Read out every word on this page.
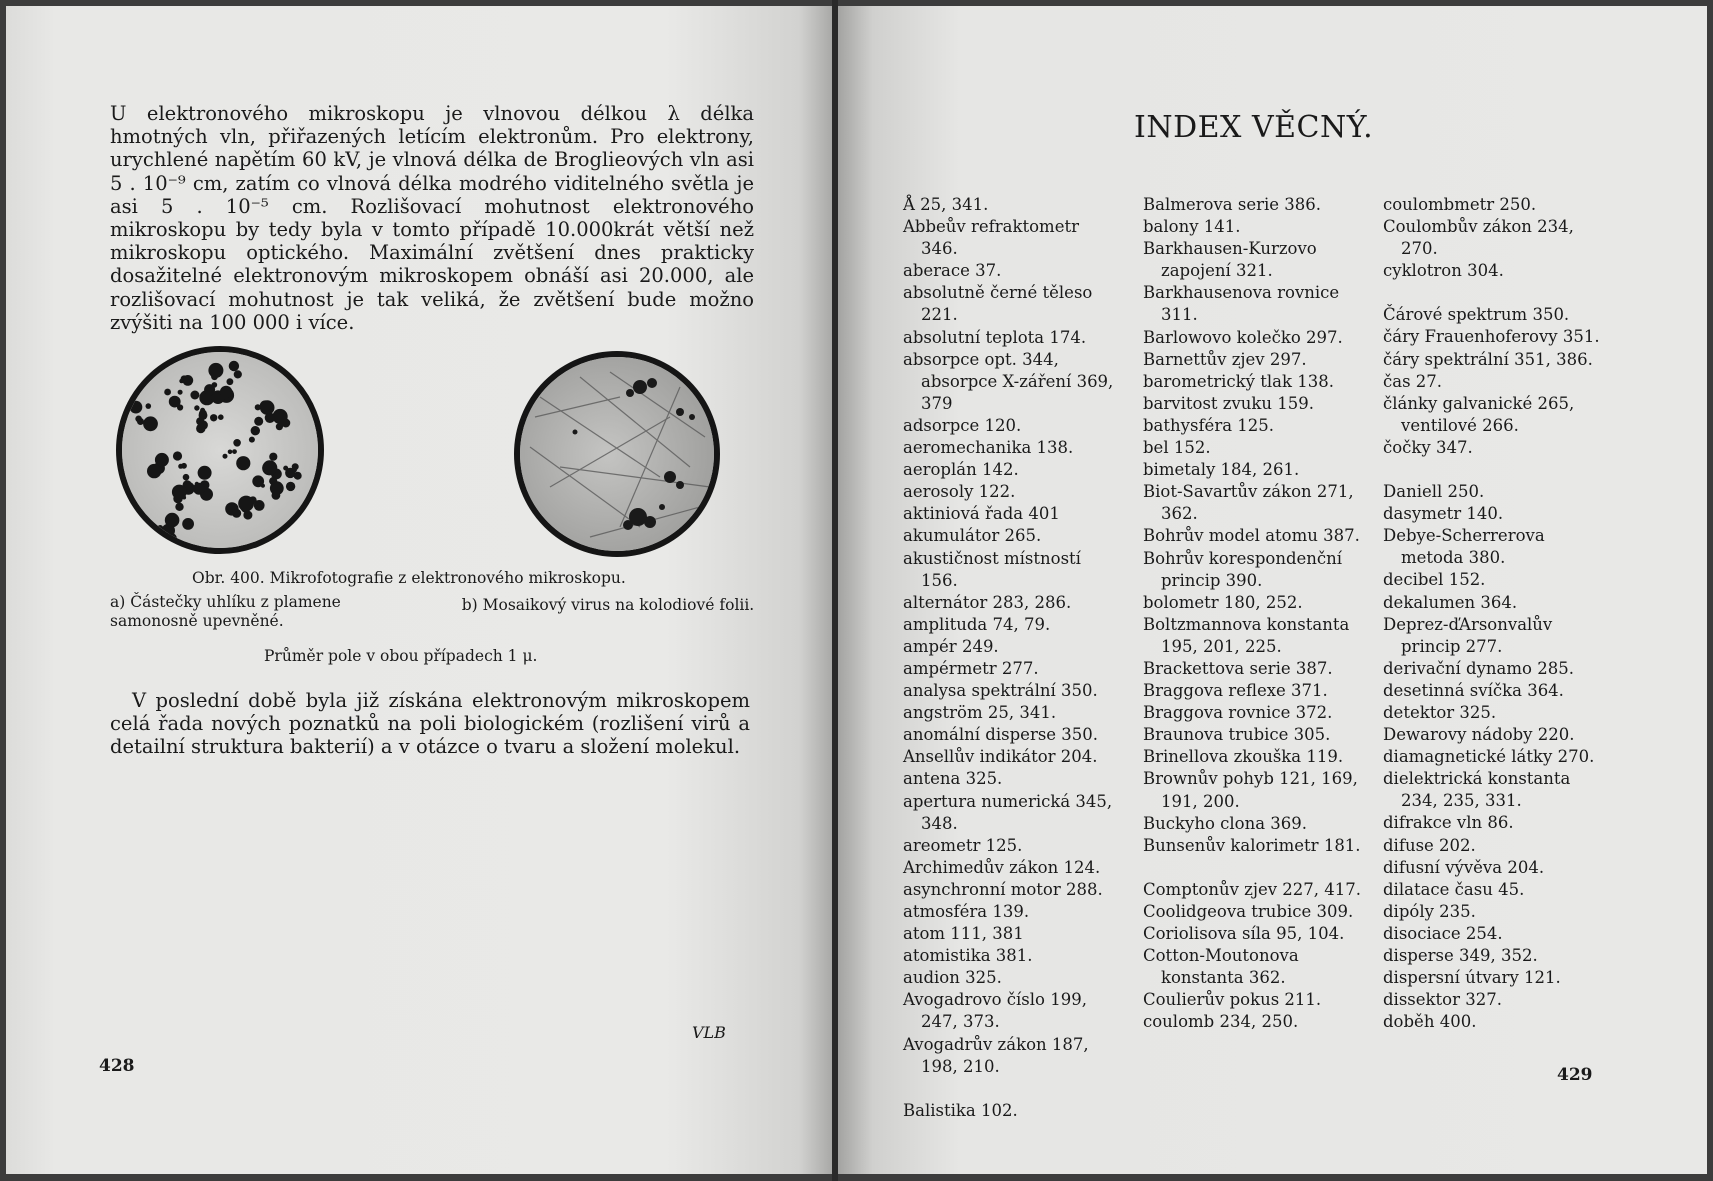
U elektronového mikroskopu je vlnovou délkou λ délka hmotných vln, přiřazených letícím elektronům. Pro elektrony, urychlené napětím 60 kV, je vlnová délka de Broglieových vln asi 5 . 10⁻⁹ cm, zatím co vlnová délka modrého viditelného světla je asi 5 . 10⁻⁵ cm. Rozlišovací mohutnost elektronového mikroskopu by tedy byla v tomto případě 10.000krát větší než mikroskopu optického. Maximální zvětšení dnes prakticky dosažitelné elektronovým mikroskopem obnáší asi 20.000, ale rozlišovací mohutnost je tak veliká, že zvětšení bude možno zvýšiti na 100 000 i více.

Obr. 400. Mikrofotografie z elektronového mikroskopu.
a) Částečky uhlíku z plamene samonosně upevněné.
b) Mosaikový virus na kolodiové folii.
Průměr pole v obou případech 1 μ.

V poslední době byla již získána elektronovým mikroskopem celá řada nových poznatků na poli biologickém (rozlišení virů a detailní struktura bakterií) a v otázce o tvaru a složení molekul.

VLB
428
INDEX VĚCNÝ.
Å 25, 341.
Abbeův refraktometr 346.
aberace 37.
absolutně černé těleso 221.
absolutní teplota 174.
absorpce opt. 344, absorpce X-záření 369, 379
adsorpce 120.
aeromechanika 138.
aeroplán 142.
aerosoly 122.
aktiniová řada 401
akumulátor 265.
akustičnost místností 156.
alternátor 283, 286.
amplituda 74, 79.
ampér 249.
ampérmetr 277.
analysa spektrální 350.
angström 25, 341.
anomální disperse 350.
Ansellův indikátor 204.
antena 325.
apertura numerická 345, 348.
areometr 125.
Archimedův zákon 124.
asynchronní motor 288.
atmosféra 139.
atom 111, 381
atomistika 381.
audion 325.
Avogadrovo číslo 199, 247, 373.
Avogadrův zákon 187, 198, 210.
Balistika 102.
Balmerova serie 386.
balony 141.
Barkhausen-Kurzovo zapojení 321.
Barkhausenova rovnice 311.
Barlowovo kolečko 297.
Barnettův zjev 297.
barometrický tlak 138.
barvitost zvuku 159.
bathysféra 125.
bel 152.
bimetaly 184, 261.
Biot-Savartův zákon 271, 362.
Bohrův model atomu 387.
Bohrův korespondenční princip 390.
bolometr 180, 252.
Boltzmannova konstanta 195, 201, 225.
Brackettova serie 387.
Braggova reflexe 371.
Braggova rovnice 372.
Braunova trubice 305.
Brinellova zkouška 119.
Brownův pohyb 121, 169, 191, 200.
Buckyho clona 369.
Bunsenův kalorimetr 181.
Comptonův zjev 227, 417.
Coolidgeova trubice 309.
Coriolisova síla 95, 104.
Cotton-Moutonova konstanta 362.
Coulierův pokus 211.
coulomb 234, 250.
coulombmetr 250.
Coulombův zákon 234, 270.
cyklotron 304.
Čárové spektrum 350.
čáry Frauenhoferovy 351.
čáry spektrální 351, 386.
čas 27.
články galvanické 265, ventilové 266.
čočky 347.
Daniell 250.
dasymetr 140.
Debye-Scherrerova metoda 380.
decibel 152.
dekalumen 364.
Deprez-ďArsonvalův princip 277.
derivační dynamo 285.
desetinná svíčka 364.
detektor 325.
Dewarovy nádoby 220.
diamagnetické látky 270.
dielektrická konstanta 234, 235, 331.
difrakce vln 86.
difuse 202.
difusní vývěva 204.
dilatace času 45.
dipóly 235.
disociace 254.
disperse 349, 352.
dispersní útvary 121.
dissektor 327.
doběh 400.
429
